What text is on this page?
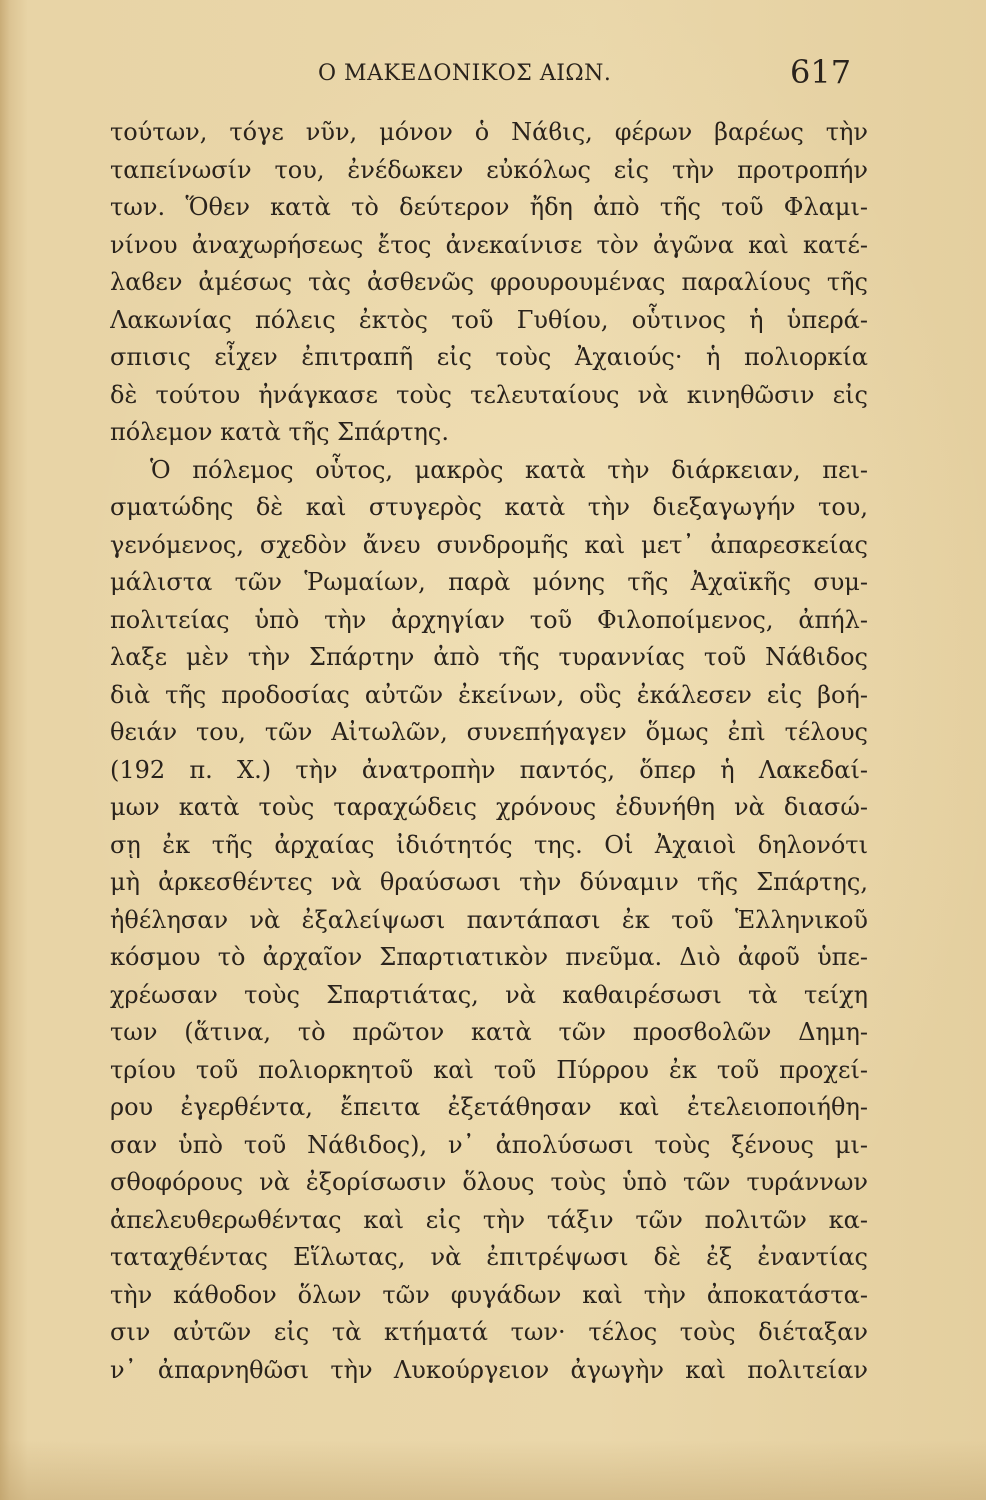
Ο ΜΑΚΕΔΟΝΙΚΟΣ ΑΙΩΝ.	617
τούτων, τόγε νῦν, μόνον ὁ Νάϐις, φέρων βαρέως τὴν
ταπείνωσίν του, ἐνέδωκεν εὐκόλως εἰς τὴν προτροπήν
των. Ὅθεν κατὰ τὸ δεύτερον ἤδη ἀπὸ τῆς τοῦ Φλαμι-
νίνου ἀναχωρήσεως ἔτος ἀνεκαίνισε τὸν ἀγῶνα καὶ κατέ-
λαϐεν ἀμέσως τὰς ἀσθενῶς φρουρουμένας παραλίους τῆς
Λακωνίας πόλεις ἐκτὸς τοῦ Γυθίου, οὗτινος ἡ ὑπερά-
σπισις εἶχεν ἐπιτραπῆ εἰς τοὺς Ἀχαιούς· ἡ πολιορκία
δὲ τούτου ἠνάγκασε τοὺς τελευταίους νὰ κινηθῶσιν εἰς
πόλεμον κατὰ τῆς Σπάρτης.
Ὁ πόλεμος οὗτος, μακρὸς κατὰ τὴν διάρκειαν, πει-
σματώδης δὲ καὶ στυγερὸς κατὰ τὴν διεξαγωγήν του,
γενόμενος, σχεδὸν ἄνευ συνδρομῆς καὶ μετ᾽ ἀπαρεσκείας
μάλιστα τῶν Ῥωμαίων, παρὰ μόνης τῆς Ἀχαϊκῆς συμ-
πολιτείας ὑπὸ τὴν ἀρχηγίαν τοῦ Φιλοποίμενος, ἀπήλ-
λαξε μὲν τὴν Σπάρτην ἀπὸ τῆς τυραννίας τοῦ Νάϐιδος
διὰ τῆς προδοσίας αὐτῶν ἐκείνων, οὓς ἐκάλεσεν εἰς βοή-
θειάν του, τῶν Αἰτωλῶν, συνεπήγαγεν ὅμως ἐπὶ τέλους
(192 π. Χ.) τὴν ἀνατροπὴν παντός, ὅπερ ἡ Λακεδαί-
μων κατὰ τοὺς ταραχώδεις χρόνους ἐδυνήθη νὰ διασώ-
σῃ ἐκ τῆς ἀρχαίας ἰδιότητός της. Οἱ Ἀχαιοὶ δηλονότι
μὴ ἀρκεσθέντες νὰ θραύσωσι τὴν δύναμιν τῆς Σπάρτης,
ἠθέλησαν νὰ ἐξαλείψωσι παντάπασι ἐκ τοῦ Ἑλληνικοῦ
κόσμου τὸ ἀρχαῖον Σπαρτιατικὸν πνεῦμα. Διὸ ἀφοῦ ὑπε-
χρέωσαν τοὺς Σπαρτιάτας, νὰ καθαιρέσωσι τὰ τείχη
των (ἅτινα, τὸ πρῶτον κατὰ τῶν προσϐολῶν Δημη-
τρίου τοῦ πολιορκητοῦ καὶ τοῦ Πύρρου ἐκ τοῦ προχεί-
ρου ἐγερθέντα, ἔπειτα ἐξετάθησαν καὶ ἐτελειοποιήθη-
σαν ὑπὸ τοῦ Νάϐιδος), ν᾽ ἀπολύσωσι τοὺς ξένους μι-
σθοφόρους νὰ ἐξορίσωσιν ὅλους τοὺς ὑπὸ τῶν τυράννων
ἀπελευθερωθέντας καὶ εἰς τὴν τάξιν τῶν πολιτῶν κα-
ταταχθέντας Εἵλωτας, νὰ ἐπιτρέψωσι δὲ ἐξ ἐναντίας
τὴν κάθοδον ὅλων τῶν φυγάδων καὶ τὴν ἀποκατάστα-
σιν αὐτῶν εἰς τὰ κτήματά των· τέλος τοὺς διέταξαν
ν᾽ ἀπαρνηθῶσι τὴν Λυκούργειον ἀγωγὴν καὶ πολιτείαν
